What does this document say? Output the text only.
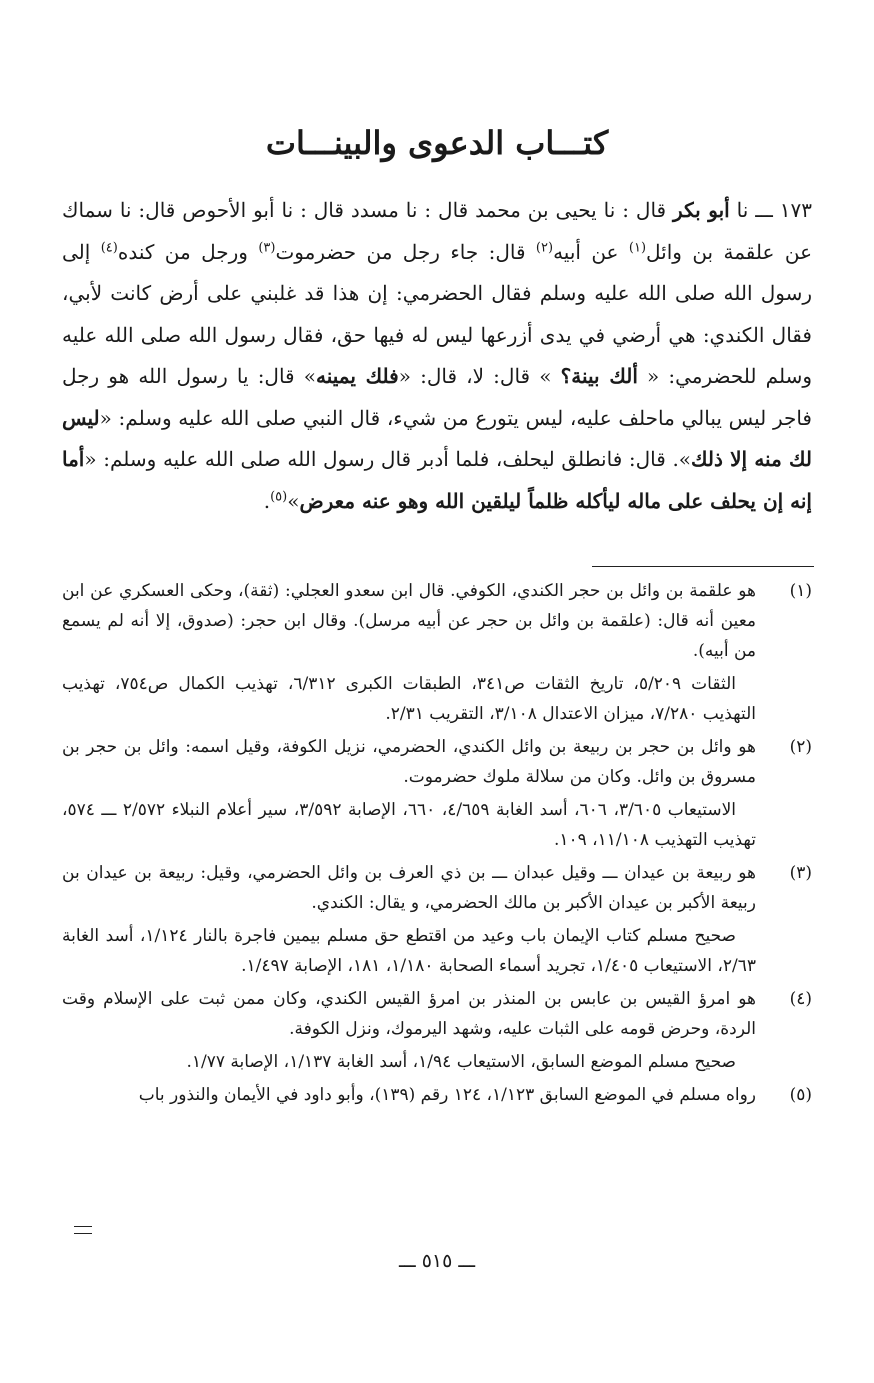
كتـــاب الدعوى والبينـــات

١٧٣ ـــ نا أبو بكر قال : نا يحيى بن محمد قال : نا مسدد قال : نا أبو الأحوص قال: نا سماك عن علقمة بن وائل$^{(١)}$ عن أبيه$^{(٢)}$ قال: جاء رجل من حضرموت$^{(٣)}$ ورجل من كنده$^{(٤)}$ إلى رسول الله صلى الله عليه وسلم فقال الحضرمي: إن هذا قد غلبني على أرض كانت لأبي، فقال الكندي: هي أرضي في يدى أزرعها ليس له فيها حق، فقال رسول الله صلى الله عليه وسلم للحضرمي: « ألك بينة؟ » قال: لا، قال: «فلك يمينه» قال: يا رسول الله هو رجل فاجر ليس يبالي ماحلف عليه، ليس يتورع من شيء، قال النبي صلى الله عليه وسلم: «ليس لك منه إلا ذلك». قال: فانطلق ليحلف، فلما أدبر قال رسول الله صلى الله عليه وسلم: «أما إنه إن يحلف على ماله ليأكله ظلماً ليلقين الله وهو عنه معرض»$^{(٥)}$.

(١)
هو علقمة بن وائل بن حجر الكندي، الكوفي. قال ابن سعدو العجلي: (ثقة)، وحكى العسكري عن ابن معين أنه قال: (علقمة بن وائل بن حجر عن أبيه مرسل). وقال ابن حجر: (صدوق، إلا أنه لم يسمع من أبيه).
الثقات ٥/٢٠٩، تاريخ الثقات ص٣٤١، الطبقات الكبرى ٦/٣١٢، تهذيب الكمال ص٧٥٤، تهذيب التهذيب ٧/٢٨٠، ميزان الاعتدال ٣/١٠٨، التقريب ٢/٣١.
(٢)
هو وائل بن حجر بن ربيعة بن وائل الكندي، الحضرمي، نزيل الكوفة، وقيل اسمه: وائل بن حجر بن مسروق بن وائل. وكان من سلالة ملوك حضرموت.
الاستيعاب ٣/٦٠٥، ٦٠٦، أسد الغابة ٤/٦٥٩، ٦٦٠، الإصابة ٣/٥٩٢، سير أعلام النبلاء ٢/٥٧٢ ـــ ٥٧٤، تهذيب التهذيب ١١/١٠٨، ١٠٩.
(٣)
هو ربيعة بن عيدان ـــ وقيل عبدان ـــ بن ذي العرف بن وائل الحضرمي، وقيل: ربيعة بن عيدان بن ربيعة الأكبر بن عيدان الأكبر بن مالك الحضرمي، و يقال: الكندي.
صحيح مسلم كتاب الإيمان باب وعيد من اقتطع حق مسلم بيمين فاجرة بالنار ١/١٢٤، أسد الغابة ٢/٦٣، الاستيعاب ١/٤٠٥، تجريد أسماء الصحابة ١/١٨٠، ١٨١، الإصابة ١/٤٩٧.
(٤)
هو امرؤ القيس بن عابس بن المنذر بن امرؤ القيس الكندي، وكان ممن ثبت على الإسلام وقت الردة، وحرض قومه على الثبات عليه، وشهد اليرموك، ونزل الكوفة.
صحيح مسلم الموضع السابق، الاستيعاب ١/٩٤، أسد الغابة ١/١٣٧، الإصابة ١/٧٧.
(٥)
رواه مسلم في الموضع السابق ١/١٢٣، ١٢٤ رقم (١٣٩)، وأبو داود في الأيمان والنذور باب

ـــ ٥١٥ ـــ
